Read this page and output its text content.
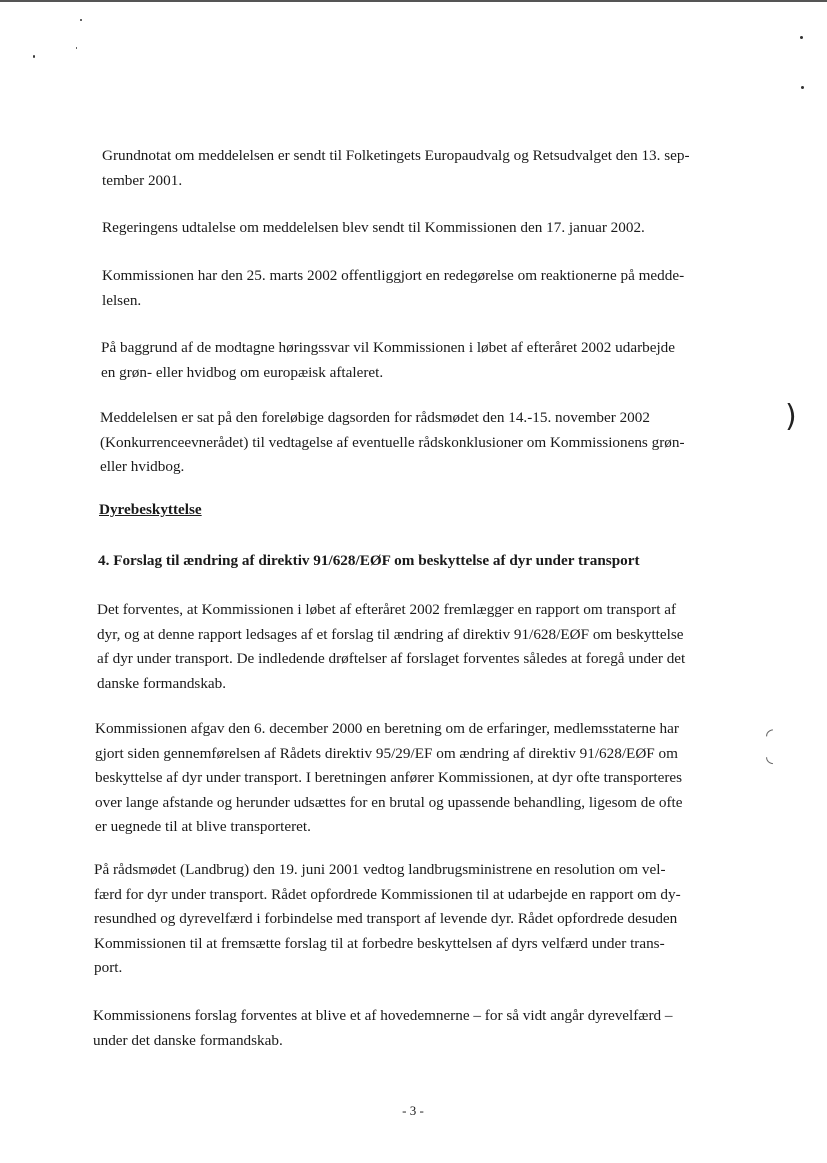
)
◜
◟

Grundnotat om meddelelsen er sendt til Folketingets Europaudvalg og Retsudvalget den 13. sep-
tember 2001.

Regeringens udtalelse om meddelelsen blev sendt til Kommissionen den 17. januar 2002.

Kommissionen har den 25. marts 2002 offentliggjort en redegørelse om reaktionerne på medde-
lelsen.

På baggrund af de modtagne høringssvar vil Kommissionen i løbet af efteråret 2002 udarbejde
en grøn- eller hvidbog om europæisk aftaleret.

Meddelelsen er sat på den foreløbige dagsorden for rådsmødet den 14.-15. november 2002
(Konkurrenceevnerådet) til vedtagelse af eventuelle rådskonklusioner om Kommissionens grøn-
eller hvidbog.

Dyrebeskyttelse

4. Forslag til ændring af direktiv 91/628/EØF om beskyttelse af dyr under transport

Det forventes, at Kommissionen i løbet af efteråret 2002 fremlægger en rapport om transport af
dyr, og at denne rapport ledsages af et forslag til ændring af direktiv 91/628/EØF om beskyttelse
af dyr under transport. De indledende drøftelser af forslaget forventes således at foregå under det
danske formandskab.

Kommissionen afgav den 6. december 2000 en beretning om de erfaringer, medlemsstaterne har
gjort siden gennemførelsen af Rådets direktiv 95/29/EF om ændring af direktiv 91/628/EØF om
beskyttelse af dyr under transport. I beretningen anfører Kommissionen, at dyr ofte transporteres
over lange afstande og herunder udsættes for en brutal og upassende behandling, ligesom de ofte
er uegnede til at blive transporteret.

På rådsmødet (Landbrug) den 19. juni 2001 vedtog landbrugsministrene en resolution om vel-
færd for dyr under transport. Rådet opfordrede Kommissionen til at udarbejde en rapport om dy-
resundhed og dyrevelfærd i forbindelse med transport af levende dyr. Rådet opfordrede desuden
Kommissionen til at fremsætte forslag til at forbedre beskyttelsen af dyrs velfærd under trans-
port.

Kommissionens forslag forventes at blive et af hovedemnerne – for så vidt angår dyrevelfærd –
under det danske formandskab.

- 3 -
